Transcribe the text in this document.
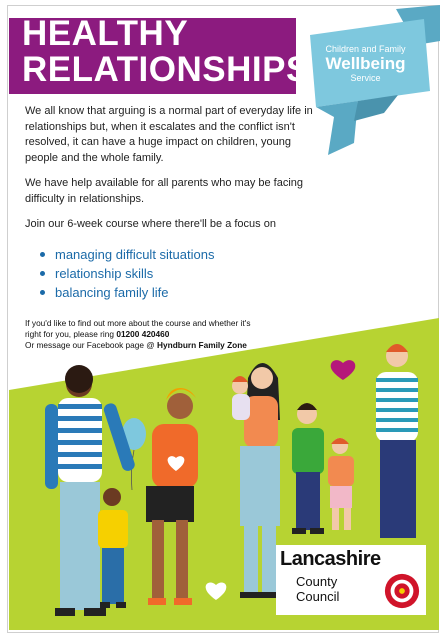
HEALTHY
RELATIONSHIPS
Children and Family
Wellbeing
Service
We all know that arguing is a normal part of everyday life in relationships but, when it escalates and the conflict isn't resolved, it can have a huge impact on children, young people and the whole family.
We have help available for all parents who may be facing difficulty in relationships.
Join our 6-week course where there'll be a focus on
managing difficult situations
relationship skills
balancing family life
If you'd like to find out more about the course and whether it's
right for you, please ring 01200 420460
Or message our Facebook page @ Hyndburn Family Zone
Lancashire
County
Council
